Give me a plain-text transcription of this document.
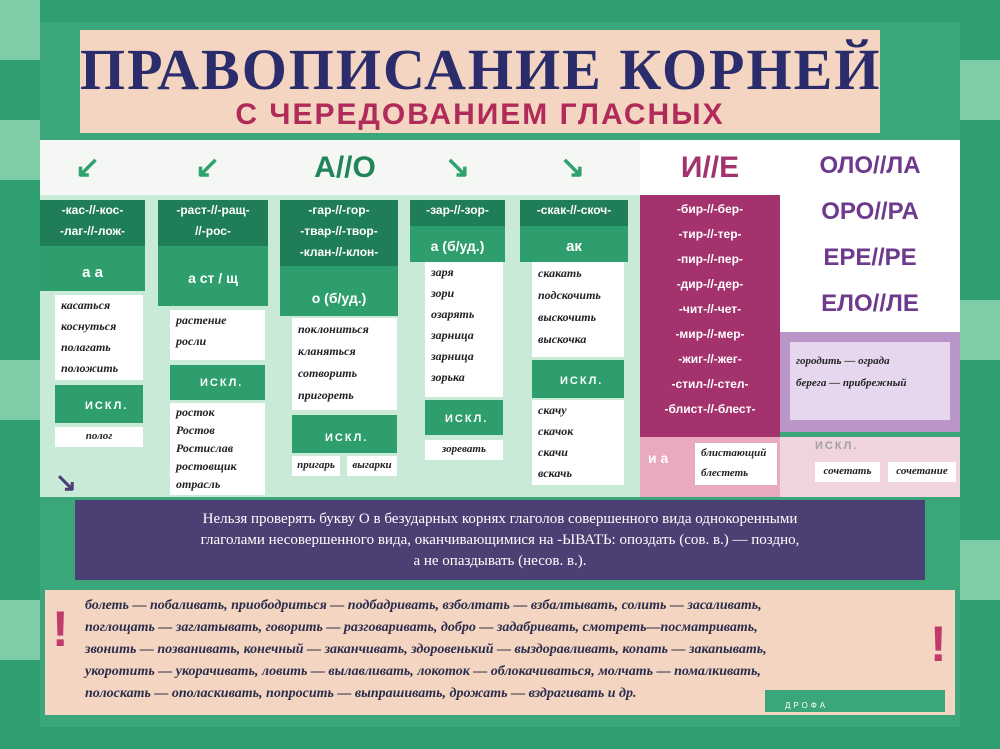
ПРАВОПИСАНИЕ КОРНЕЙ
С ЧЕРЕДОВАНИЕМ ГЛАСНЫХ
↙	↙	↘	↘
А//О
-кас-//-кос-
-лаг-//-лож-
а а
касаться
коснуться
полагать
положить
ИСКЛ.
полог
-раст-//-ращ-
//-рос-
а ст / щ
растение
росли
ИСКЛ.
росток
Ростов
Ростислав
ростовщик
отрасль
-гар-//-гор-
-твар-//-твор-
-клан-//-клон-
о (б/уд.)
поклониться
кланяться
сотворить
пригореть
ИСКЛ.
пригарь	выгарки
-зар-//-зор-
а (б/уд.)
заря
зори
озарять
зарница
зарница
зорька
ИСКЛ.
зоревать
-скак-//-скоч-
ак
скакать
подскочить
выскочить
выскочка
ИСКЛ.
скачу
скачок
скачи
вскачь
-бир-//-бер-
-тир-//-тер-
-пир-//-пер-
-дир-//-дер-
-чит-//-чет-
-мир-//-мер-
-жиг-//-жег-
-стил-//-стел-
-блист-//-блест-
И//Е
и а	блистающий
блестеть
ОЛО//ЛА
ОРО//РА
ЕРЕ//РЕ
ЕЛО//ЛЕ
городить — ограда
берега — прибрежный
ИСКЛ.
сочетать	сочетание
↘
Нельзя проверять букву О в безударных корнях глаголов совершенного вида однокоренными
глаголами несовершенного вида, оканчивающимися на -ЫВАТЬ: опоздать (сов. в.) — поздно,
а не опаздывать (несов. в.).
!	!
болеть — побаливать, приободриться — подбадривать, взболтать — взбалтывать, солить — засаливать,
поглощать — заглатывать, говорить — разговаривать, добро — задабривать, смотреть—посматривать,
звонить — позванивать, конечный — заканчивать, здоровенький — выздоравливать, копать — закапывать,
укоротить — укорачивать, ловить — вылавливать, локоток — облокачиваться, молчать — помалкивать,
полоскать — ополаскивать, попросить — выпрашивать, дрожать — вздрагивать и др.
ДРОФА
